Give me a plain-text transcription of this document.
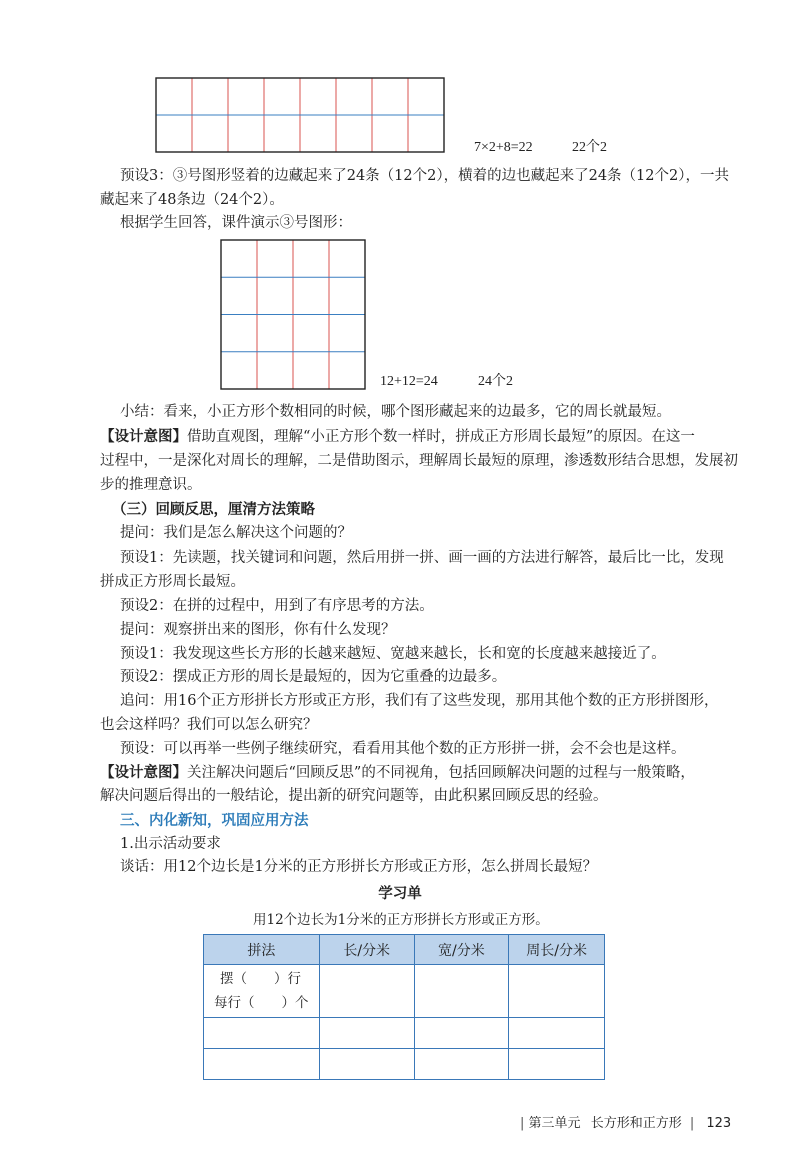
7×2+8=22	22个2
预设3：③号图形竖着的边藏起来了24条（12个2），横着的边也藏起来了24条（12个2），一共
藏起来了48条边（24个2）。
根据学生回答，课件演示③号图形：
12+12=24	24个2
小结：看来，小正方形个数相同的时候，哪个图形藏起来的边最多，它的周长就最短。
【设计意图】借助直观图，理解“小正方形个数一样时，拼成正方形周长最短”的原因。在这一
过程中，一是深化对周长的理解，二是借助图示，理解周长最短的原理，渗透数形结合思想，发展初
步的推理意识。
（三）回顾反思，厘清方法策略
提问：我们是怎么解决这个问题的？
预设1：先读题，找关键词和问题，然后用拼一拼、画一画的方法进行解答，最后比一比，发现
拼成正方形周长最短。
预设2：在拼的过程中，用到了有序思考的方法。
提问：观察拼出来的图形，你有什么发现？
预设1：我发现这些长方形的长越来越短、宽越来越长，长和宽的长度越来越接近了。
预设2：摆成正方形的周长是最短的，因为它重叠的边最多。
追问：用16个正方形拼长方形或正方形，我们有了这些发现，那用其他个数的正方形拼图形，
也会这样吗？我们可以怎么研究？
预设：可以再举一些例子继续研究，看看用其他个数的正方形拼一拼，会不会也是这样。
【设计意图】关注解决问题后“回顾反思”的不同视角，包括回顾解决问题的过程与一般策略，
解决问题后得出的一般结论，提出新的研究问题等，由此积累回顾反思的经验。
三、内化新知，巩固应用方法
1.出示活动要求
谈话：用12个边长是1分米的正方形拼长方形或正方形，怎么拼周长最短？
学习单
用12个边长为1分米的正方形拼长方形或正方形。
拼法	长/分米	宽/分米	周长/分米

摆（　　）行
每行（　　）个			

| 第三单元 长方形和正方形 | 123
